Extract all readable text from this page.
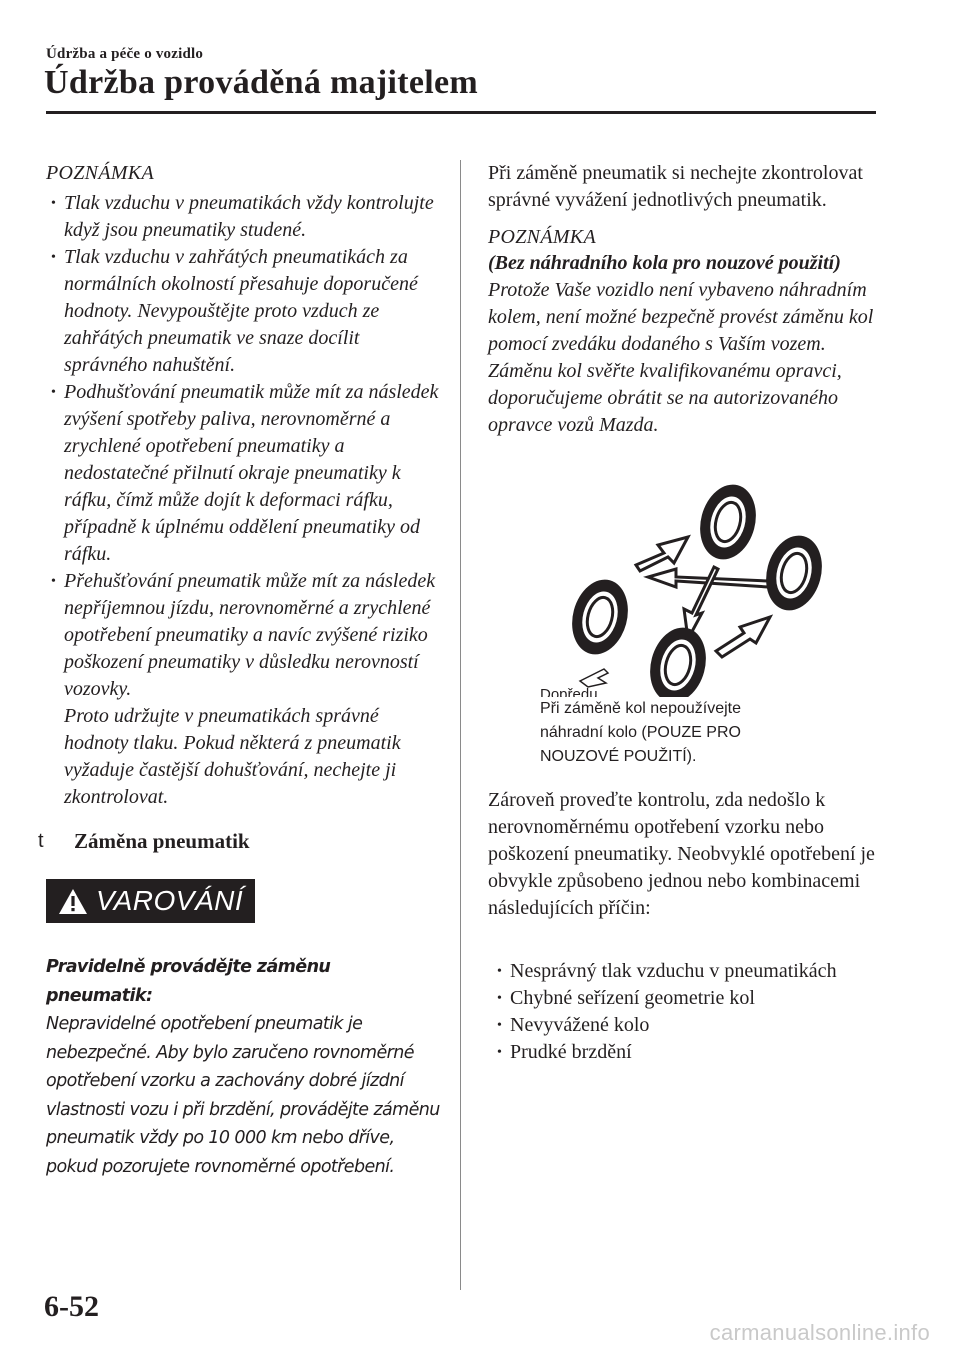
Údržba a péče o vozidlo
Údržba prováděná majitelem
POZNÁMKA
• Tlak vzduchu v pneumatikách vždy kontrolujte když jsou pneumatiky studené.
• Tlak vzduchu v zahřátých pneumatikách za normálních okolností přesahuje doporučené hodnoty. Nevypouštějte proto vzduch ze zahřátých pneumatik ve snaze docílit správného nahuštění.
• Podhušťování pneumatik může mít za následek zvýšení spotřeby paliva, nerovnoměrné a zrychlené opotřebení pneumatiky a nedostatečné přilnutí okraje pneumatiky k ráfku, čímž může dojít k deformaci ráfku, případně k úplnému oddělení pneumatiky od ráfku.
• Přehušťování pneumatik může mít za následek nepříjemnou jízdu, nerovnoměrné a zrychlené opotřebení pneumatiky a navíc zvýšené riziko poškození pneumatiky v důsledku nerovností vozovky.
Proto udržujte v pneumatikách správné hodnoty tlaku. Pokud některá z pneumatik vyžaduje častější dohušťování, nechejte ji zkontrolovat.
t Záměna pneumatik
VAROVÁNÍ
Pravidelně provádějte záměnu pneumatik:
Nepravidelné opotřebení pneumatik je nebezpečné. Aby bylo zaručeno rovnoměrné opotřebení vzorku a zachovány dobré jízdní vlastnosti vozu i při brzdění, provádějte záměnu pneumatik vždy po 10 000 km nebo dříve, pokud pozorujete rovnoměrné opotřebení.
Při záměně pneumatik si nechejte zkontrolovat správné vyvážení jednotlivých pneumatik.
POZNÁMKA
(Bez náhradního kola pro nouzové použití)
Protože Vaše vozidlo není vybaveno náhradním kolem, není možné bezpečně provést záměnu kol pomocí zvedáku dodaného s Vaším vozem. Záměnu kol svěřte kvalifikovanému opravci, doporučujeme obrátit se na autorizovaného opravce vozů Mazda.
Dopředu
Při záměně kol nepoužívejte
náhradní kolo (POUZE PRO
NOUZOVÉ POUŽITÍ).
Zároveň proveďte kontrolu, zda nedošlo k nerovnoměrnému opotřebení vzorku nebo poškození pneumatiky. Neobvyklé opotřebení je obvykle způsobeno jednou nebo kombinacemi následujících příčin:
• Nesprávný tlak vzduchu v pneumatikách
• Chybné seřízení geometrie kol
• Nevyvážené kolo
• Prudké brzdění
6-52
carmanualsonline.info
